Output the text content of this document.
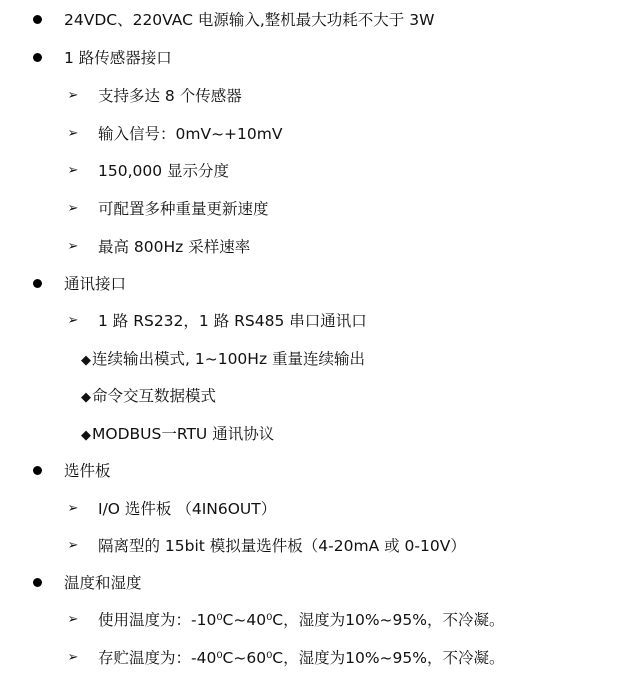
24VDC、220VAC 电源输入,整机最大功耗不大于 3W
1 路传感器接口
➢ 支持多达 8 个传感器
➢ 输入信号：0mV~+10mV
➢ 150,000 显示分度
➢ 可配置多种重量更新速度
➢ 最高 800Hz 采样速率
通讯接口
➢ 1 路 RS232，1 路 RS485 串口通讯口
◆连续输出模式, 1~100Hz 重量连续输出
◆命令交互数据模式
◆MODBUS一RTU 通讯协议
选件板
➢ I/O 选件板 （4IN6OUT）
➢ 隔离型的 15bit 模拟量选件板（4-20mA 或 0-10V）
温度和湿度
➢ 使用温度为：-10⁰C~40⁰C，湿度为10%~95%，不冷凝。
➢ 存贮温度为：-40⁰C~60⁰C，湿度为10%~95%，不冷凝。
